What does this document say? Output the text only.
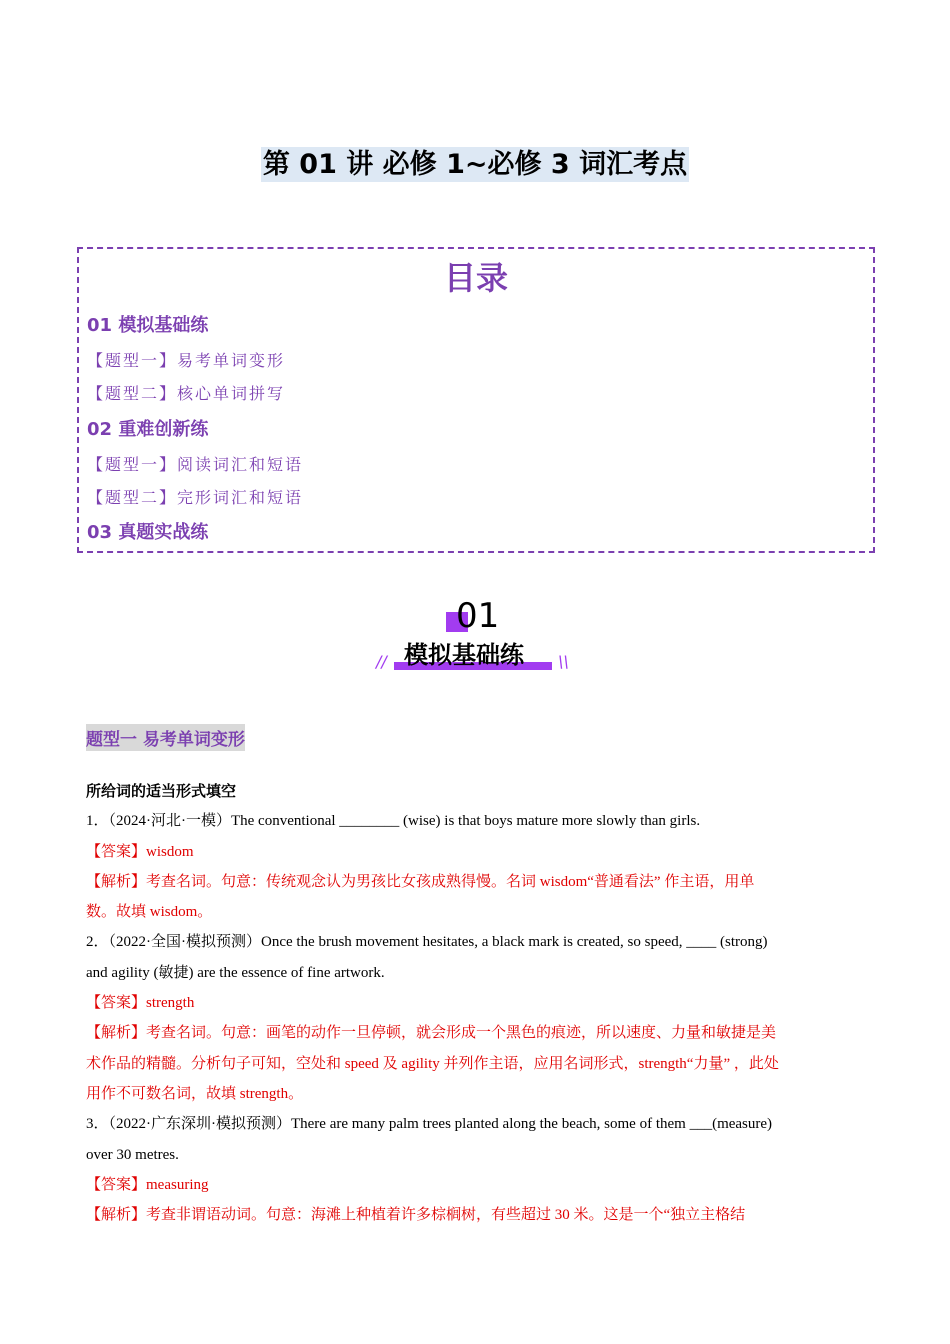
第 01 讲 必修 1~必修 3 词汇考点
目录
01 模拟基础练
【题型一】易考单词变形
【题型二】核心单词拼写
02 重难创新练
【题型一】阅读词汇和短语
【题型二】完形词汇和短语
03 真题实战练
01
模拟基础练
//	\\
题型一 易考单词变形
所给词的适当形式填空
1．（2024·河北·一模）The conventional ________ (wise) is that boys mature more slowly than girls.
【答案】wisdom
【解析】考查名词。句意：传统观念认为男孩比女孩成熟得慢。名词 wisdom“普通看法” 作主语，用单
数。故填 wisdom。
2．（2022·全国·模拟预测）Once the brush movement hesitates, a black mark is created, so speed, ____ (strong)
and agility (敏捷) are the essence of fine artwork.
【答案】strength
【解析】考查名词。句意：画笔的动作一旦停顿，就会形成一个黑色的痕迹，所以速度、力量和敏捷是美
术作品的精髓。分析句子可知，空处和 speed 及 agility 并列作主语，应用名词形式，strength“力量” ，此处
用作不可数名词，故填 strength。
3．（2022·广东深圳·模拟预测）There are many palm trees planted along the beach, some of them ___(measure)
over 30 metres.
【答案】measuring
【解析】考查非谓语动词。句意：海滩上种植着许多棕榈树，有些超过 30 米。这是一个“独立主格结
